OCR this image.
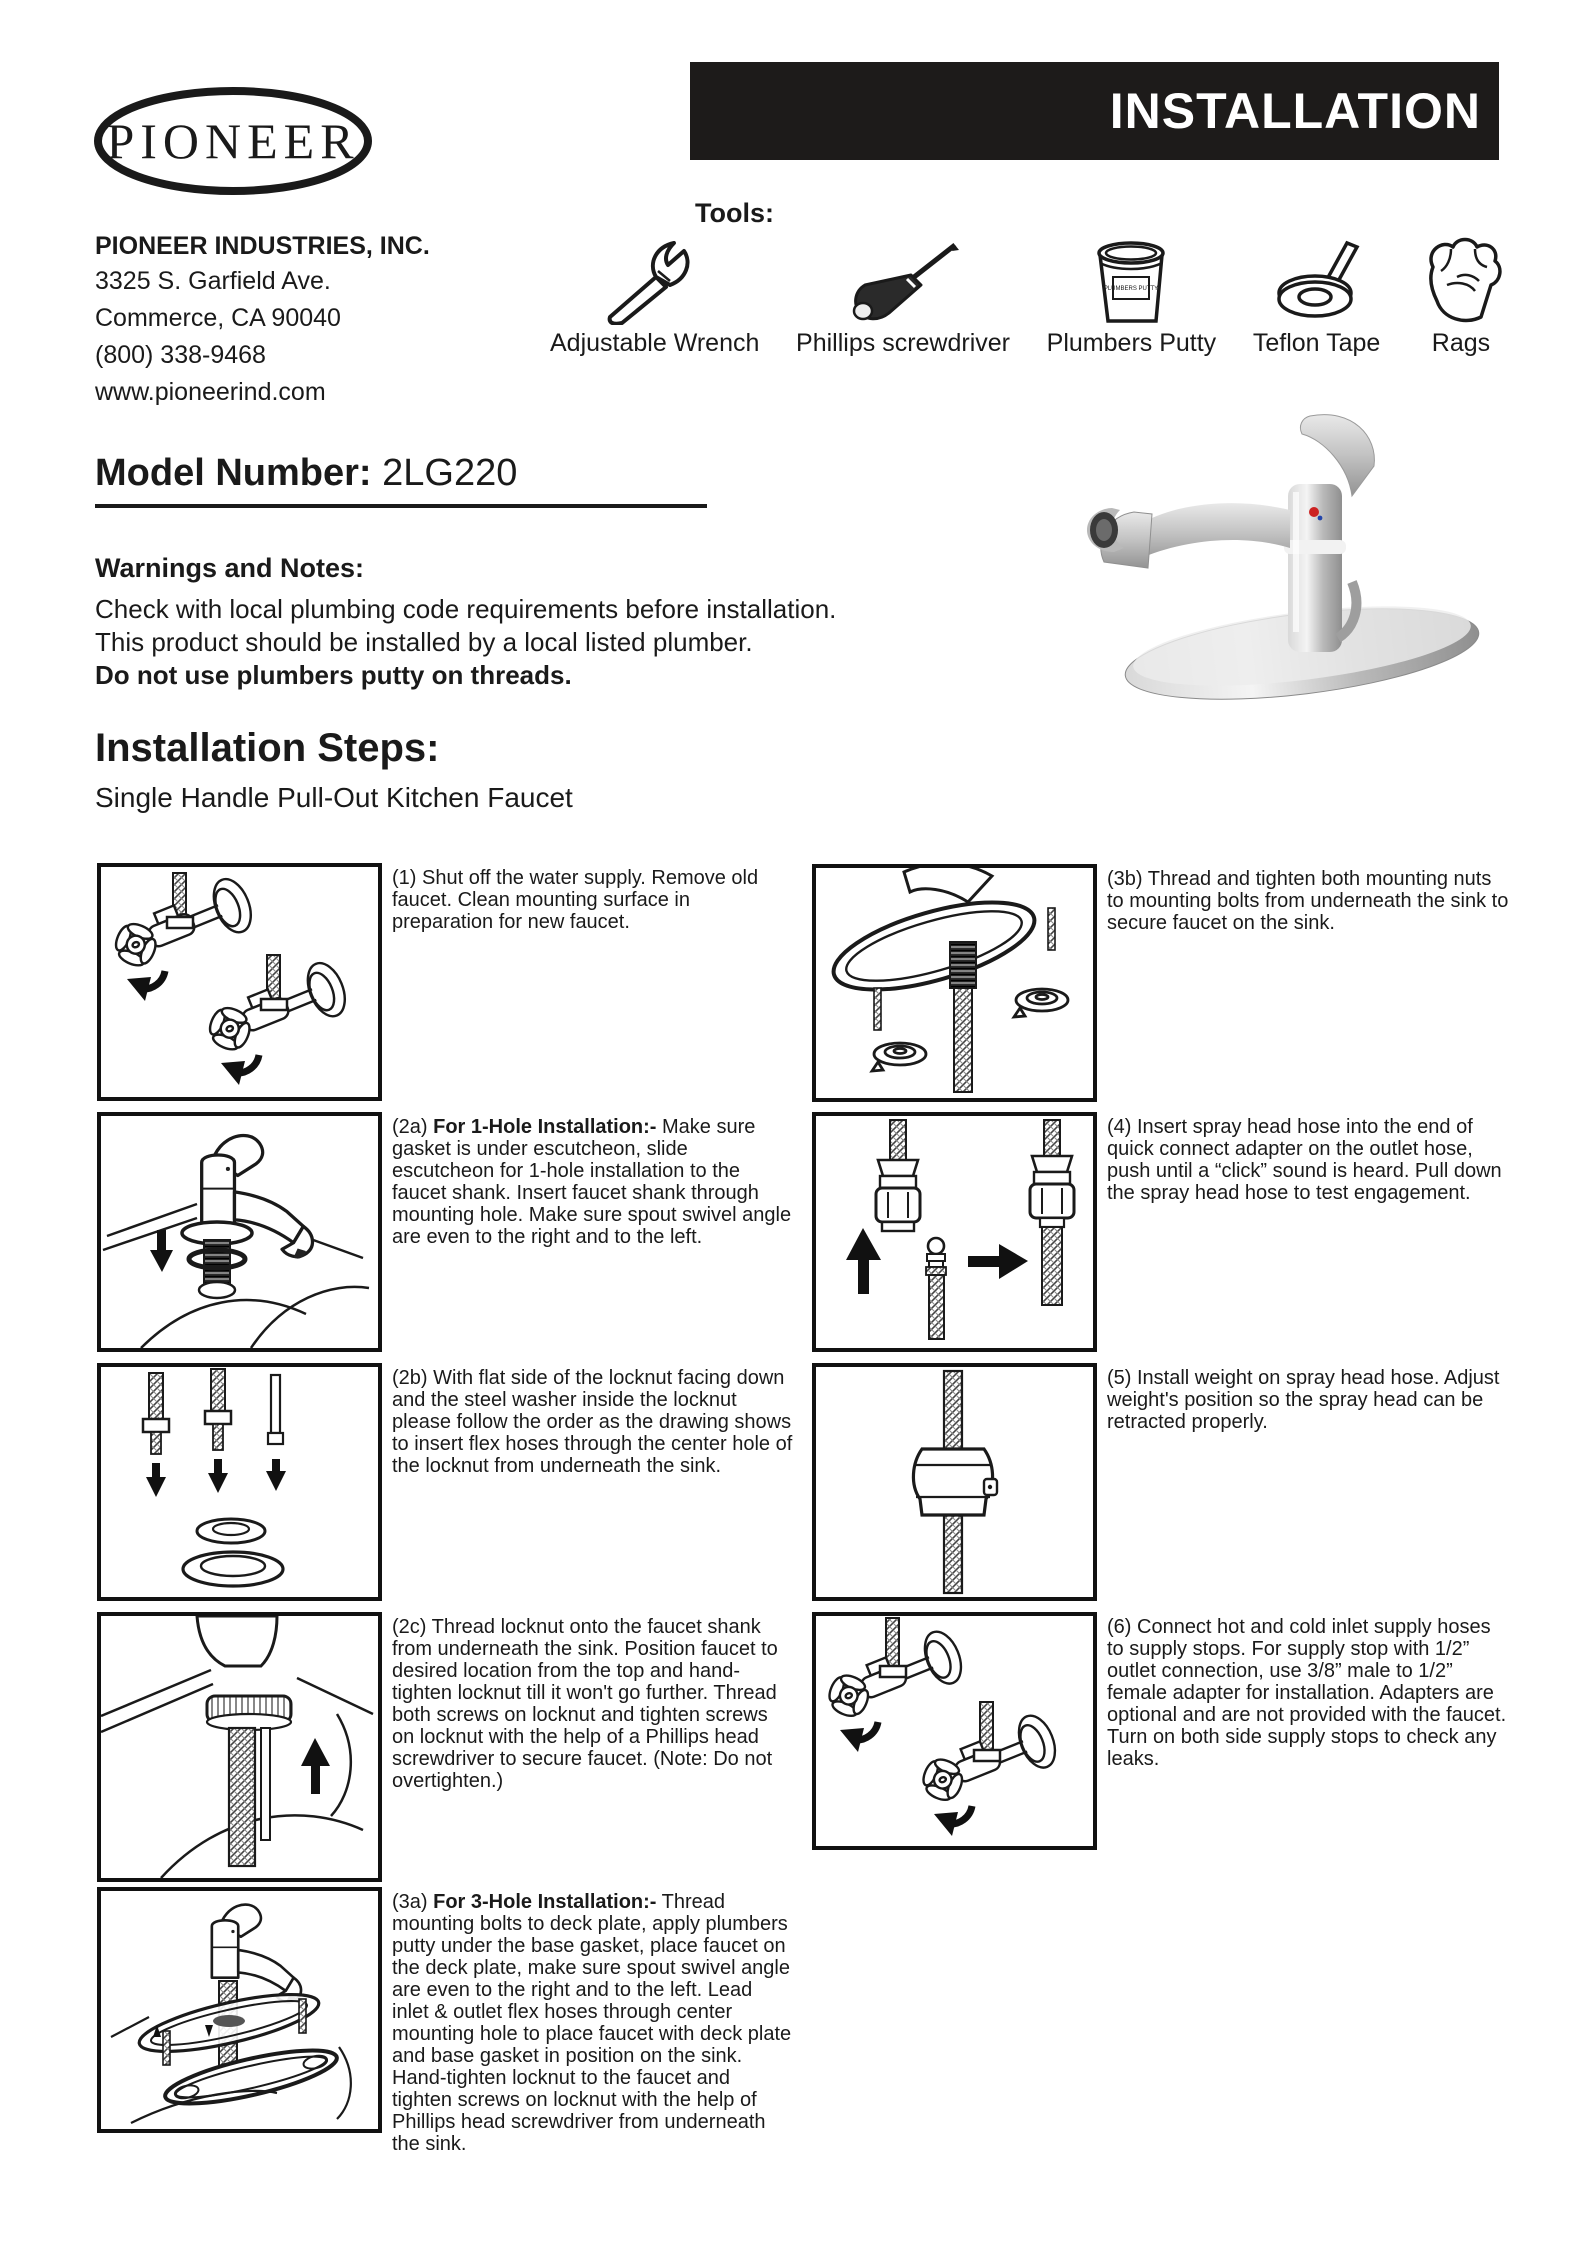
PIONEER
INSTALLATION
PIONEER INDUSTRIES, INC.
3325 S. Garfield Ave.
Commerce, CA 90040
(800) 338-9468
www.pioneerind.com
Tools:
Adjustable Wrench Phillips screwdriver
PLUMBERS PUTTY
Plumbers Putty Teflon Tape Rags
Model Number: 2LG220
Warnings and Notes:
Check with local plumbing code requirements before installation.
This product should be installed by a local listed plumber.
Do not use plumbers putty on threads.
Installation Steps:
Single Handle Pull-Out Kitchen Faucet
(1) Shut off the water supply. Remove old faucet. Clean mounting surface in preparation for new faucet.
(2a) For 1-Hole Installation:- Make sure gasket is under escutcheon, slide escutcheon for 1-hole installation to the faucet shank. Insert faucet shank through mounting hole. Make sure spout swivel angle are even to the right and to the left.
(2b) With flat side of the locknut facing down and the steel washer inside the locknut please follow the order as the drawing shows to insert flex hoses through the center hole of the locknut from underneath the sink.
(2c) Thread locknut onto the faucet shank from underneath the sink. Position faucet to desired location from the top and hand-tighten locknut till it won't go further. Thread both screws on locknut and tighten screws on locknut with the help of a Phillips head screwdriver to secure faucet. (Note: Do not overtighten.)
(3a) For 3-Hole Installation:- Thread mounting bolts to deck plate, apply plumbers putty under the base gasket, place faucet on the deck plate, make sure spout swivel angle are even to the right and to the left. Lead inlet & outlet flex hoses through center mounting hole to place faucet with deck plate and base gasket in position on the sink. Hand-tighten locknut to the faucet and tighten screws on locknut with the help of Phillips head screwdriver from underneath the sink.
(3b) Thread and tighten both mounting nuts to mounting bolts from underneath the sink to secure faucet on the sink.
(4) Insert spray head hose into the end of quick connect adapter on the outlet hose, push until a “click” sound is heard. Pull down the spray head hose to test engagement.
(5) Install weight on spray head hose. Adjust weight's position so the spray head can be retracted properly.
(6) Connect hot and cold inlet supply hoses to supply stops. For supply stop with 1/2” outlet connection, use 3/8” male to 1/2” female adapter for installation. Adapters are optional and are not provided with the faucet. Turn on both side supply stops to check any leaks.
